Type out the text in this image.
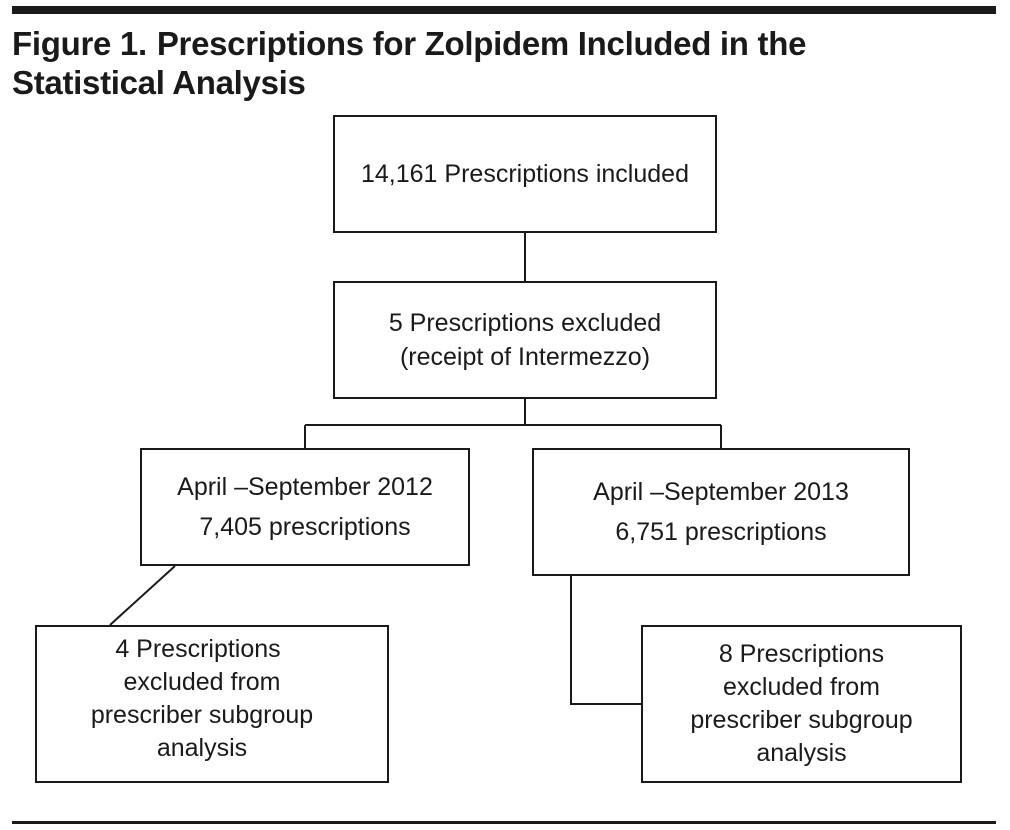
Figure 1. Prescriptions for Zolpidem Included in the Statistical Analysis
14,161 Prescriptions included
5 Prescriptions excluded
(receipt of Intermezzo)
April –September 2012
7,405 prescriptions
April –September 2013
6,751 prescriptions
4 Prescriptions
excluded from
prescriber subgroup
analysis
8 Prescriptions
excluded from
prescriber subgroup
analysis
